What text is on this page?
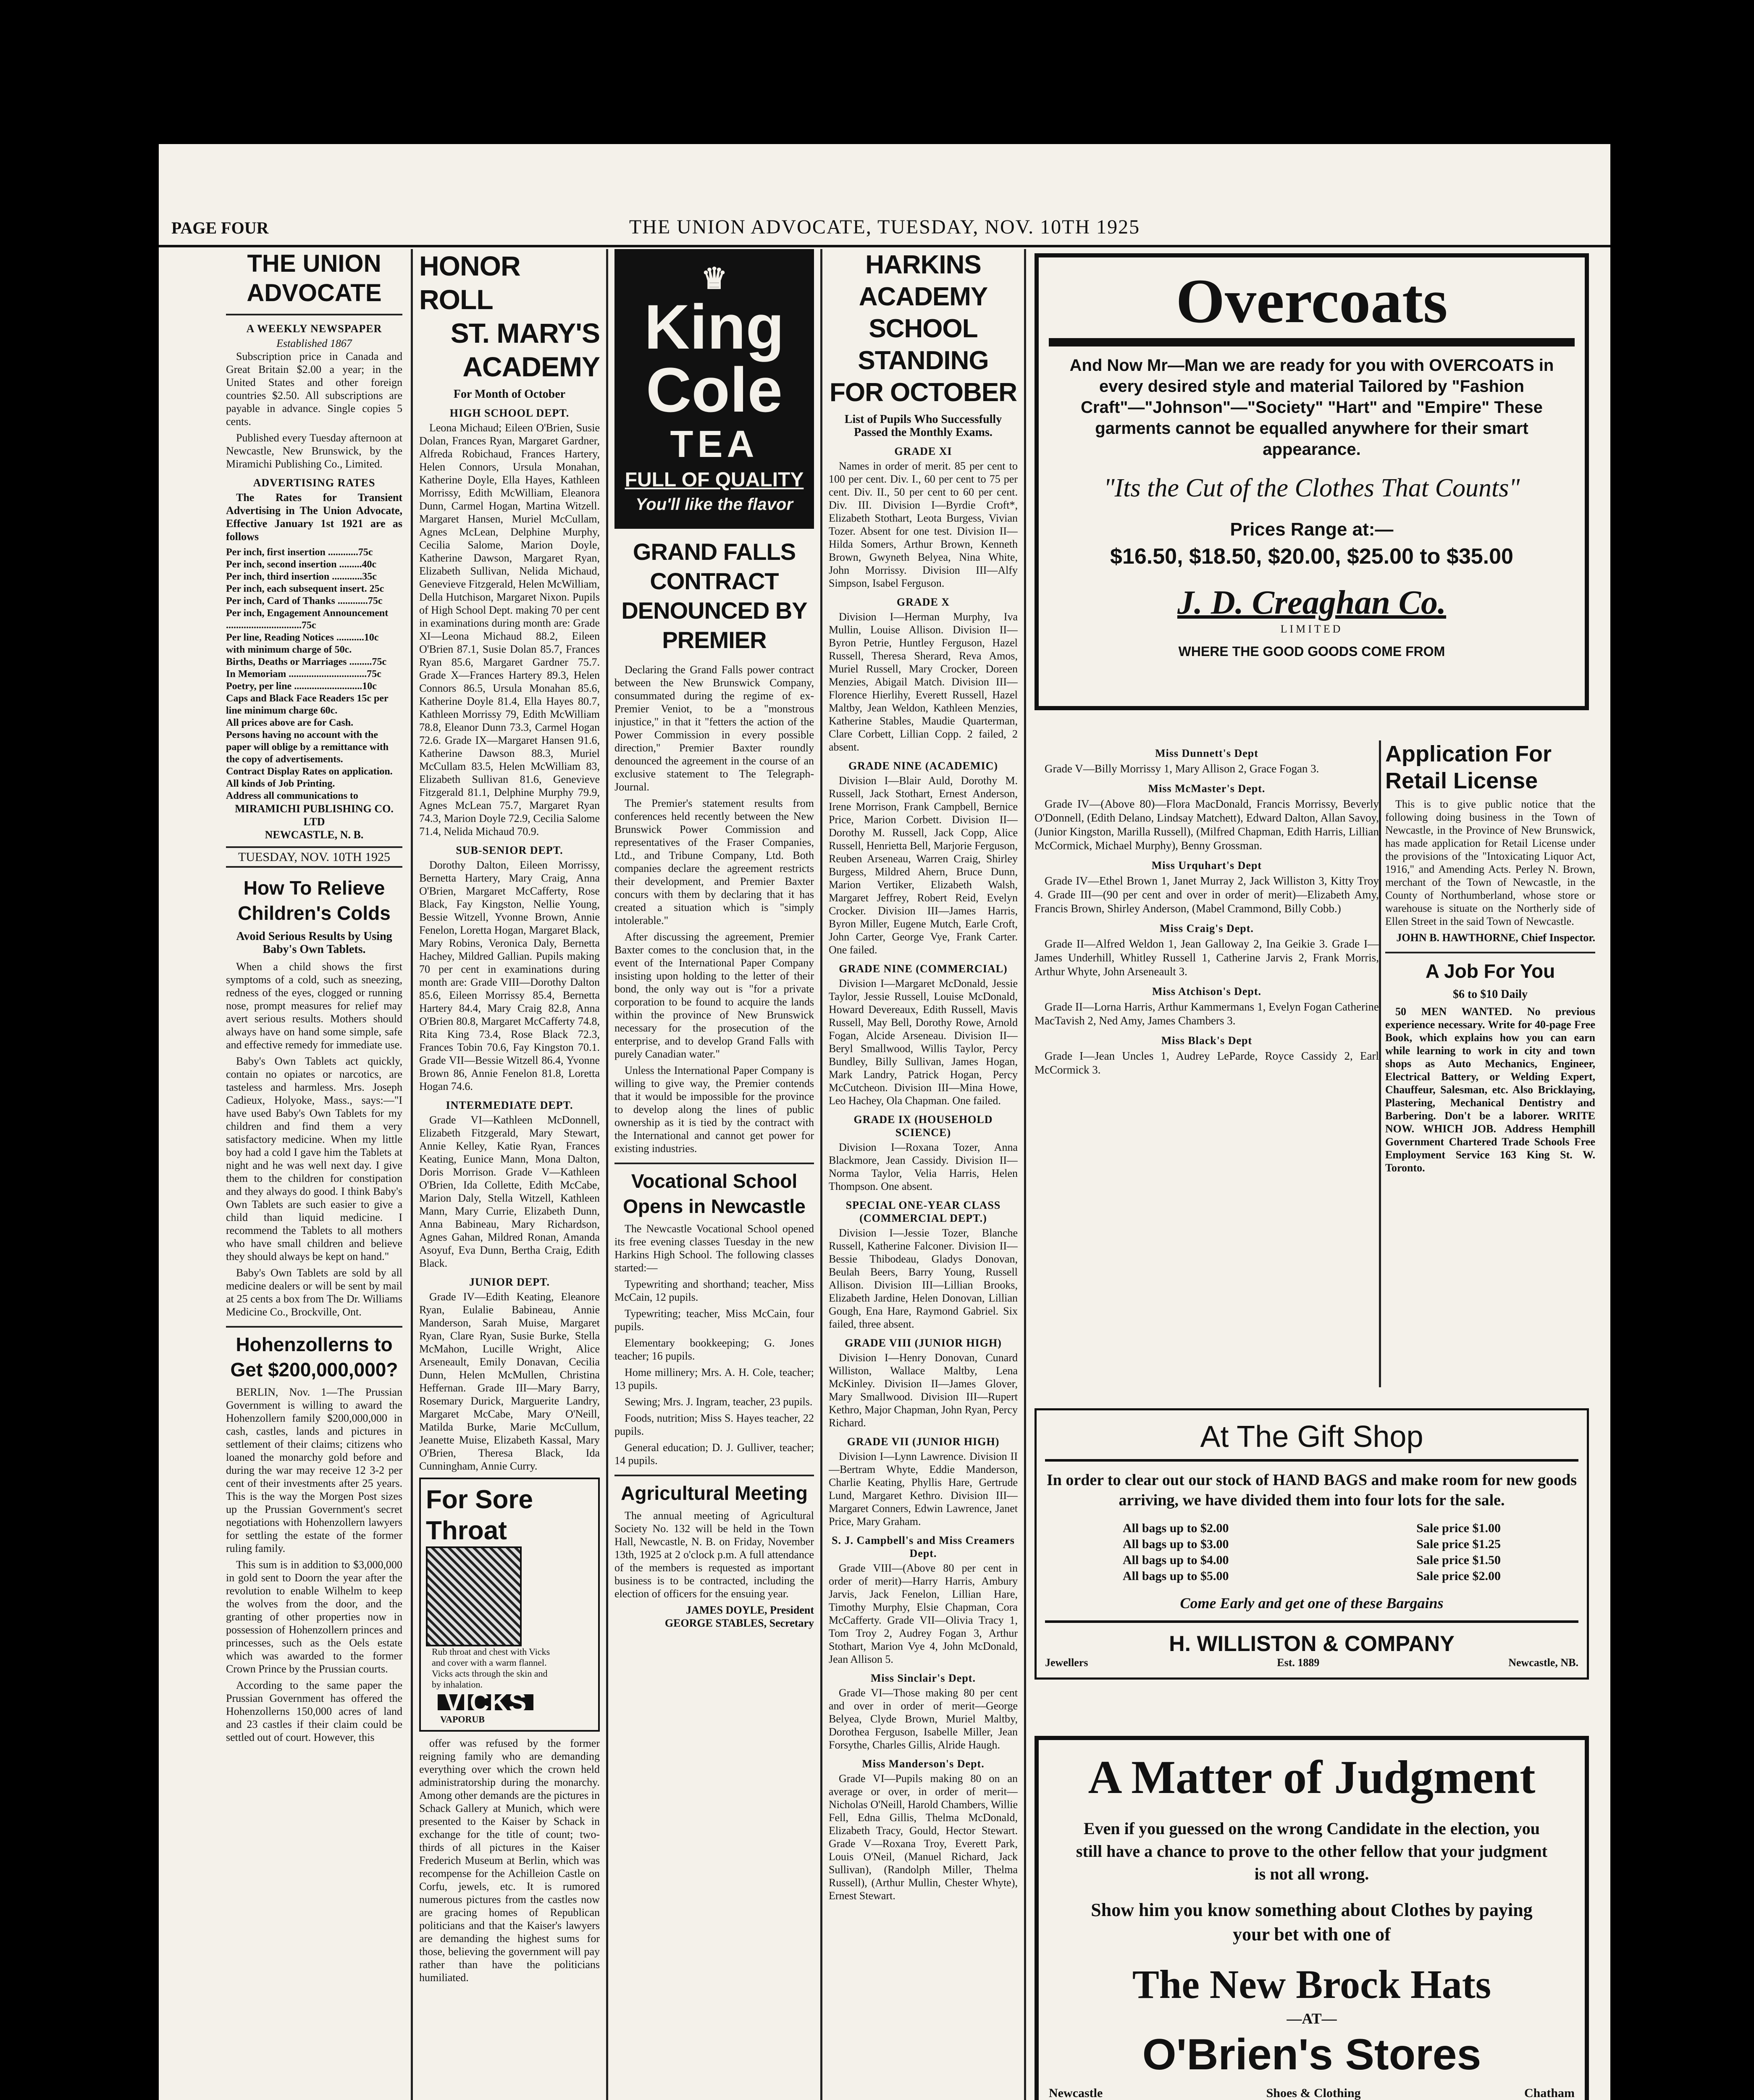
PAGE FOUR	THE UNION ADVOCATE, TUESDAY, NOV. 10TH 1925
THE UNION ADVOCATE
A WEEKLY NEWSPAPER
Established 1867

Subscription price in Canada and Great Britain $2.00 a year; in the United States and other foreign countries $2.50. All subscriptions are payable in advance. Single copies 5 cents.

Published every Tuesday afternoon at Newcastle, New Brunswick, by the Miramichi Publishing Co., Limited.

ADVERTISING RATES

The Rates for Transient Advertising in The Union Advocate, Effective January 1st 1921 are as follows

Per inch, first insertion ............75c
Per inch, second insertion .........40c
Per inch, third insertion ............35c
Per inch, each subsequent insert. 25c
Per inch, Card of Thanks ............75c
Per inch, Engagement Announcement ..............................75c
Per line, Reading Notices ...........10c
with minimum charge of 50c.
Births, Deaths or Marriages .........75c
In Memoriam ...............................75c
Poetry, per line ...........................10c
Caps and Black Face Readers 15c per line minimum charge 60c.
All prices above are for Cash.
Persons having no account with the paper will oblige by a remittance with the copy of advertisements.
Contract Display Rates on application.
All kinds of Job Printing.
Address all communications to
MIRAMICHI PUBLISHING CO. LTD
NEWCASTLE, N. B.
TUESDAY, NOV. 10TH 1925
How To Relieve Children's Colds
Avoid Serious Results by Using Baby's Own Tablets.

When a child shows the first symptoms of a cold, such as sneezing, redness of the eyes, clogged or running nose, prompt measures for relief may avert serious results. Mothers should always have on hand some simple, safe and effective remedy for immediate use.

Baby's Own Tablets act quickly, contain no opiates or narcotics, are tasteless and harmless. Mrs. Joseph Cadieux, Holyoke, Mass., says:—"I have used Baby's Own Tablets for my children and find them a very satisfactory medicine. When my little boy had a cold I gave him the Tablets at night and he was well next day. I give them to the children for constipation and they always do good. I think Baby's Own Tablets are such easier to give a child than liquid medicine. I recommend the Tablets to all mothers who have small children and believe they should always be kept on hand."

Baby's Own Tablets are sold by all medicine dealers or will be sent by mail at 25 cents a box from The Dr. Williams Medicine Co., Brockville, Ont.

Hohenzollerns to Get $200,000,000?

BERLIN, Nov. 1—The Prussian Government is willing to award the Hohenzollern family $200,000,000 in cash, castles, lands and pictures in settlement of their claims; citizens who loaned the monarchy gold before and during the war may receive 12 3-2 per cent of their investments after 25 years. This is the way the Morgen Post sizes up the Prussian Government's secret negotiations with Hohenzollern lawyers for settling the estate of the former ruling family.

This sum is in addition to $3,000,000 in gold sent to Doorn the year after the revolution to enable Wilhelm to keep the wolves from the door, and the granting of other properties now in possession of Hohenzollern princes and princesses, such as the Oels estate which was awarded to the former Crown Prince by the Prussian courts.

According to the same paper the Prussian Government has offered the Hohenzollerns 150,000 acres of land and 23 castles if their claim could be settled out of court. However, this

HONOR ROLL
ST. MARY'S ACADEMY
For Month of October
HIGH SCHOOL DEPT.

Leona Michaud; Eileen O'Brien, Susie Dolan, Frances Ryan, Margaret Gardner, Alfreda Robichaud, Frances Hartery, Helen Connors, Ursula Monahan, Katherine Doyle, Ella Hayes, Kathleen Morrissy, Edith McWilliam, Eleanora Dunn, Carmel Hogan, Martina Witzell. Margaret Hansen, Muriel McCullam, Agnes McLean, Delphine Murphy, Cecilia Salome, Marion Doyle, Katherine Dawson, Margaret Ryan, Elizabeth Sullivan, Nelida Michaud, Genevieve Fitzgerald, Helen McWilliam, Della Hutchison, Margaret Nixon. Pupils of High School Dept. making 70 per cent in examinations during month are: Grade XI—Leona Michaud 88.2, Eileen O'Brien 87.1, Susie Dolan 85.7, Frances Ryan 85.6, Margaret Gardner 75.7. Grade X—Frances Hartery 89.3, Helen Connors 86.5, Ursula Monahan 85.6, Katherine Doyle 81.4, Ella Hayes 80.7, Kathleen Morrissy 79, Edith McWilliam 78.8, Eleanor Dunn 73.3, Carmel Hogan 72.6. Grade IX—Margaret Hansen 91.6, Katherine Dawson 88.3, Muriel McCullam 83.5, Helen McWilliam 83, Elizabeth Sullivan 81.6, Genevieve Fitzgerald 81.1, Delphine Murphy 79.9, Agnes McLean 75.7, Margaret Ryan 74.3, Marion Doyle 72.9, Cecilia Salome 71.4, Nelida Michaud 70.9.

SUB-SENIOR DEPT.

Dorothy Dalton, Eileen Morrissy, Bernetta Hartery, Mary Craig, Anna O'Brien, Margaret McCafferty, Rose Black, Fay Kingston, Nellie Young, Bessie Witzell, Yvonne Brown, Annie Fenelon, Loretta Hogan, Margaret Black, Mary Robins, Veronica Daly, Bernetta Hachey, Mildred Gallian. Pupils making 70 per cent in examinations during month are: Grade VIII—Dorothy Dalton 85.6, Eileen Morrissy 85.4, Bernetta Hartery 84.4, Mary Craig 82.8, Anna O'Brien 80.8, Margaret McCafferty 74.8, Rita King 73.4, Rose Black 72.3, Frances Tobin 70.6, Fay Kingston 70.1. Grade VII—Bessie Witzell 86.4, Yvonne Brown 86, Annie Fenelon 81.8, Loretta Hogan 74.6.

INTERMEDIATE DEPT.

Grade VI—Kathleen McDonnell, Elizabeth Fitzgerald, Mary Stewart, Annie Kelley, Katie Ryan, Frances Keating, Eunice Mann, Mona Dalton, Doris Morrison. Grade V—Kathleen O'Brien, Ida Collette, Edith McCabe, Marion Daly, Stella Witzell, Kathleen Mann, Mary Currie, Elizabeth Dunn, Anna Babineau, Mary Richardson, Agnes Gahan, Mildred Ronan, Amanda Asoyuf, Eva Dunn, Bertha Craig, Edith Black.

JUNIOR DEPT.

Grade IV—Edith Keating, Eleanore Ryan, Eulalie Babineau, Annie Manderson, Sarah Muise, Margaret Ryan, Clare Ryan, Susie Burke, Stella McMahon, Lucille Wright, Alice Arseneault, Emily Donavan, Cecilia Dunn, Helen McMullen, Christina Heffernan. Grade III—Mary Barry, Rosemary Durick, Marguerite Landry, Margaret McCabe, Mary O'Neill, Matilda Burke, Marie McCullum, Jeanette Muise, Elizabeth Kassal, Mary O'Brien, Theresa Black, Ida Cunningham, Annie Curry.

For Sore Throat

Rub throat and chest with Vicks and cover with a warm flannel. Vicks acts through the skin and by inhalation.
VICKS
VAPORUB

offer was refused by the former reigning family who are demanding everything over which the crown held administratorship during the monarchy. Among other demands are the pictures in Schack Gallery at Munich, which were presented to the Kaiser by Schack in exchange for the title of count; two-thirds of all pictures in the Kaiser Frederich Museum at Berlin, which was recompense for the Achilleion Castle on Corfu, jewels, etc. It is rumored numerous pictures from the castles now are gracing homes of Republican politicians and that the Kaiser's lawyers are demanding the highest sums for those, believing the government will pay rather than have the politicians humiliated.

♛
King
Cole
TEA
FULL OF QUALITY
You'll like the flavor
GRAND FALLS CONTRACT DENOUNCED BY PREMIER

Declaring the Grand Falls power contract between the New Brunswick Company, consummated during the regime of ex-Premier Veniot, to be a "monstrous injustice," in that it "fetters the action of the Power Commission in every possible direction," Premier Baxter roundly denounced the agreement in the course of an exclusive statement to The Telegraph-Journal.

The Premier's statement results from conferences held recently between the New Brunswick Power Commission and representatives of the Fraser Companies, Ltd., and Tribune Company, Ltd. Both companies declare the agreement restricts their development, and Premier Baxter concurs with them by declaring that it has created a situation which is "simply intolerable."

After discussing the agreement, Premier Baxter comes to the conclusion that, in the event of the International Paper Company insisting upon holding to the letter of their bond, the only way out is "for a private corporation to be found to acquire the lands within the province of New Brunswick necessary for the prosecution of the enterprise, and to develop Grand Falls with purely Canadian water."

Unless the International Paper Company is willing to give way, the Premier contends that it would be impossible for the province to develop along the lines of public ownership as it is tied by the contract with the International and cannot get power for existing industries.

Vocational School Opens in Newcastle

The Newcastle Vocational School opened its free evening classes Tuesday in the new Harkins High School. The following classes started:—

Typewriting and shorthand; teacher, Miss McCain, 12 pupils.

Typewriting; teacher, Miss McCain, four pupils.

Elementary bookkeeping; G. Jones teacher; 16 pupils.

Home millinery; Mrs. A. H. Cole, teacher; 13 pupils.

Sewing; Mrs. J. Ingram, teacher, 23 pupils.

Foods, nutrition; Miss S. Hayes teacher, 22 pupils.

General education; D. J. Gulliver, teacher; 14 pupils.

Agricultural Meeting

The annual meeting of Agricultural Society No. 132 will be held in the Town Hall, Newcastle, N. B. on Friday, November 13th, 1925 at 2 o'clock p.m. A full attendance of the members is requested as important business is to be contracted, including the election of officers for the ensuing year.

JAMES DOYLE, President
GEORGE STABLES, Secretary
HARKINS ACADEMY SCHOOL STANDING FOR OCTOBER
List of Pupils Who Successfully Passed the Monthly Exams.
GRADE XI

Names in order of merit. 85 per cent to 100 per cent. Div. I., 60 per cent to 75 per cent. Div. II., 50 per cent to 60 per cent. Div. III. Division I—Byrdie Croft*, Elizabeth Stothart, Leota Burgess, Vivian Tozer. Absent for one test. Division II—Hilda Somers, Arthur Brown, Kenneth Brown, Gwyneth Belyea, Nina White, John Morrissy. Division III—Alfy Simpson, Isabel Ferguson.

GRADE X

Division I—Herman Murphy, Iva Mullin, Louise Allison. Division II—Byron Petrie, Huntley Ferguson, Hazel Russell, Theresa Sherard, Reva Amos, Muriel Russell, Mary Crocker, Doreen Menzies, Abigail Match. Division III—Florence Hierlihy, Everett Russell, Hazel Maltby, Jean Weldon, Kathleen Menzies, Katherine Stables, Maudie Quarterman, Clare Corbett, Lillian Copp. 2 failed, 2 absent.

GRADE NINE (ACADEMIC)

Division I—Blair Auld, Dorothy M. Russell, Jack Stothart, Ernest Anderson, Irene Morrison, Frank Campbell, Bernice Price, Marion Corbett. Division II—Dorothy M. Russell, Jack Copp, Alice Russell, Henrietta Bell, Marjorie Ferguson, Reuben Arseneau, Warren Craig, Shirley Burgess, Mildred Ahern, Bruce Dunn, Marion Vertiker, Elizabeth Walsh, Margaret Jeffrey, Robert Reid, Evelyn Crocker. Division III—James Harris, Byron Miller, Eugene Mutch, Earle Croft, John Carter, George Vye, Frank Carter. One failed.

GRADE NINE (COMMERCIAL)

Division I—Margaret McDonald, Jessie Taylor, Jessie Russell, Louise McDonald, Howard Devereaux, Edith Russell, Mavis Russell, May Bell, Dorothy Rowe, Arnold Fogan, Alcide Arseneau. Division II—Beryl Smallwood, Willis Taylor, Percy Bundley, Billy Sullivan, James Hogan, Mark Landry, Patrick Hogan, Percy McCutcheon. Division III—Mina Howe, Leo Hachey, Ola Chapman. One failed.

GRADE IX (HOUSEHOLD SCIENCE)

Division I—Roxana Tozer, Anna Blackmore, Jean Cassidy. Division II—Norma Taylor, Velia Harris, Helen Thompson. One absent.

SPECIAL ONE-YEAR CLASS (COMMERCIAL DEPT.)

Division I—Jessie Tozer, Blanche Russell, Katherine Falconer. Division II—Bessie Thibodeau, Gladys Donovan, Beulah Beers, Barry Young, Russell Allison. Division III—Lillian Brooks, Elizabeth Jardine, Helen Donovan, Lillian Gough, Ena Hare, Raymond Gabriel. Six failed, three absent.

GRADE VIII (JUNIOR HIGH)

Division I—Henry Donovan, Cunard Williston, Wallace Maltby, Lena McKinley. Division II—James Glover, Mary Smallwood. Division III—Rupert Kethro, Major Chapman, John Ryan, Percy Richard.

GRADE VII (JUNIOR HIGH)

Division I—Lynn Lawrence. Division II—Bertram Whyte, Eddie Manderson, Charlie Keating, Phyllis Hare, Gertrude Lund, Margaret Kethro. Division III—Margaret Conners, Edwin Lawrence, Janet Price, Mary Graham.

S. J. Campbell's and Miss Creamers Dept.

Grade VIII—(Above 80 per cent in order of merit)—Harry Harris, Ambury Jarvis, Jack Fenelon, Lillian Hare, Timothy Murphy, Elsie Chapman, Cora McCafferty. Grade VII—Olivia Tracy 1, Tom Troy 2, Audrey Fogan 3, Arthur Stothart, Marion Vye 4, John McDonald, Jean Allison 5.

Miss Sinclair's Dept.

Grade VI—Those making 80 per cent and over in order of merit—George Belyea, Clyde Brown, Muriel Maltby, Dorothea Ferguson, Isabelle Miller, Jean Forsythe, Charles Gillis, Alride Haugh.

Miss Manderson's Dept.

Grade VI—Pupils making 80 on an average or over, in order of merit—Nicholas O'Neill, Harold Chambers, Willie Fell, Edna Gillis, Thelma McDonald, Elizabeth Tracy, Gould, Hector Stewart. Grade V—Roxana Troy, Everett Park, Louis O'Neil, (Manuel Richard, Jack Sullivan), (Randolph Miller, Thelma Russell), (Arthur Mullin, Chester Whyte), Ernest Stewart.

Overcoats
And Now Mr—Man we are ready for you with OVERCOATS in every desired style and material Tailored by "Fashion Craft"—"Johnson"—"Society" "Hart" and "Empire" These garments cannot be equalled anywhere for their smart appearance.
"Its the Cut of the Clothes That Counts"
Prices Range at:—
$16.50, $18.50, $20.00, $25.00 to $35.00
J. D. Creaghan Co.
LIMITED
WHERE THE GOOD GOODS COME FROM
Miss Dunnett's Dept

Grade V—Billy Morrissy 1, Mary Allison 2, Grace Fogan 3.

Miss McMaster's Dept.

Grade IV—(Above 80)—Flora MacDonald, Francis Morrissy, Beverly O'Donnell, (Edith Delano, Lindsay Matchett), Edward Dalton, Allan Savoy, (Junior Kingston, Marilla Russell), (Milfred Chapman, Edith Harris, Lillian McCormick, Michael Murphy), Benny Grossman.

Miss Urquhart's Dept

Grade IV—Ethel Brown 1, Janet Murray 2, Jack Williston 3, Kitty Troy 4. Grade III—(90 per cent and over in order of merit)—Elizabeth Amy, Francis Brown, Shirley Anderson, (Mabel Crammond, Billy Cobb.)

Miss Craig's Dept.

Grade II—Alfred Weldon 1, Jean Galloway 2, Ina Geikie 3. Grade I—James Underhill, Whitley Russell 1, Catherine Jarvis 2, Frank Morris, Arthur Whyte, John Arseneault 3.

Miss Atchison's Dept.

Grade II—Lorna Harris, Arthur Kammermans 1, Evelyn Fogan Catherine MacTavish 2, Ned Amy, James Chambers 3.

Miss Black's Dept

Grade I—Jean Uncles 1, Audrey LeParde, Royce Cassidy 2, Earl McCormick 3.

Application For Retail License

This is to give public notice that the following doing business in the Town of Newcastle, in the Province of New Brunswick, has made application for Retail License under the provisions of the "Intoxicating Liquor Act, 1916," and Amending Acts. Perley N. Brown, merchant of the Town of Newcastle, in the County of Northumberland, whose store or warehouse is situate on the Northerly side of Ellen Street in the said Town of Newcastle.

JOHN B. HAWTHORNE, Chief Inspector.
A Job For You
$6 to $10 Daily

50 MEN WANTED. No previous experience necessary. Write for 40-page Free Book, which explains how you can earn while learning to work in city and town shops as Auto Mechanics, Engineer, Electrical Battery, or Welding Expert, Chauffeur, Salesman, etc. Also Bricklaying, Plastering, Mechanical Dentistry and Barbering. Don't be a laborer. WRITE NOW. WHICH JOB. Address Hemphill Government Chartered Trade Schools Free Employment Service 163 King St. W. Toronto.

At The Gift Shop
In order to clear out our stock of HAND BAGS and make room for new goods arriving, we have divided them into four lots for the sale.
All bags up to $2.00	Sale price $1.00
All bags up to $3.00	Sale price $1.25
All bags up to $4.00	Sale price $1.50
All bags up to $5.00	Sale price $2.00
Come Early and get one of these Bargains
H. WILLISTON & COMPANY
Jewellers	Est. 1889	Newcastle, NB.
A Matter of Judgment
Even if you guessed on the wrong Candidate in the election, you still have a chance to prove to the other fellow that your judgment is not all wrong.
Show him you know something about Clothes by paying your bet with one of
The New Brock Hats
—AT—
O'Brien's Stores
Newcastle	Shoes & Clothing	Chatham
